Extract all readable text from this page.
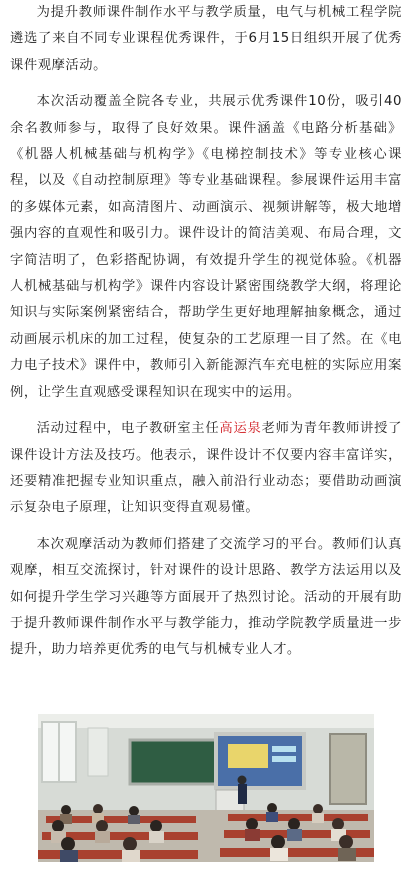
为提升教师课件制作水平与教学质量，电气与机械工程学院遴选了来自不同专业课程优秀课件，于6月15日组织开展了优秀课件观摩活动。

本次活动覆盖全院各专业，共展示优秀课件10份，吸引40余名教师参与，取得了良好效果。课件涵盖《电路分析基础》《机器人机械基础与机构学》《电梯控制技术》等专业核心课程，以及《自动控制原理》等专业基础课程。参展课件运用丰富的多媒体元素，如高清图片、动画演示、视频讲解等，极大地增强内容的直观性和吸引力。课件设计的简洁美观、布局合理，文字简洁明了，色彩搭配协调，有效提升学生的视觉体验。《机器人机械基础与机构学》课件内容设计紧密围绕教学大纲，将理论知识与实际案例紧密结合，帮助学生更好地理解抽象概念，通过动画展示机床的加工过程，使复杂的工艺原理一目了然。在《电力电子技术》课件中，教师引入新能源汽车充电桩的实际应用案例，让学生直观感受课程知识在现实中的运用。

活动过程中，电子教研室主任高运泉老师为青年教师讲授了课件设计方法及技巧。他表示，课件设计不仅要内容丰富详实，还要精准把握专业知识重点，融入前沿行业动态；要借助动画演示复杂电子原理，让知识变得直观易懂。

本次观摩活动为教师们搭建了交流学习的平台。教师们认真观摩，相互交流探讨，针对课件的设计思路、教学方法运用以及如何提升学生学习兴趣等方面展开了热烈讨论。活动的开展有助于提升教师课件制作水平与教学能力，推动学院教学质量进一步提升，助力培养更优秀的电气与机械专业人才。
